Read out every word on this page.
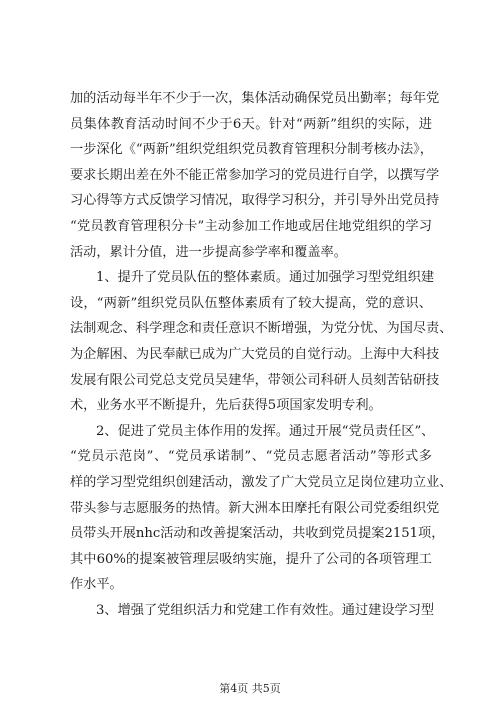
加的活动每半年不少于一次，集体活动确保党员出勤率；每年党
员集体教育活动时间不少于6天。针对“两新”组织的实际，进
一步深化《“两新”组织党组织党员教育管理积分制考核办法》，
要求长期出差在外不能正常参加学习的党员进行自学，以撰写学
习心得等方式反馈学习情况，取得学习积分，并引导外出党员持
“党员教育管理积分卡”主动参加工作地或居住地党组织的学习
活动，累计分值，进一步提高参学率和覆盖率。
1、提升了党员队伍的整体素质。通过加强学习型党组织建
设，“两新”组织党员队伍整体素质有了较大提高，党的意识、
法制观念、科学理念和责任意识不断增强，为党分忧、为国尽责、
为企解困、为民奉献已成为广大党员的自觉行动。上海中大科技
发展有限公司党总支党员吴建华，带领公司科研人员刻苦钻研技
术，业务水平不断提升，先后获得5项国家发明专利。
2、促进了党员主体作用的发挥。通过开展“党员责任区”、
“党员示范岗”、“党员承诺制”、“党员志愿者活动”等形式多
样的学习型党组织创建活动，激发了广大党员立足岗位建功立业、
带头参与志愿服务的热情。新大洲本田摩托有限公司党委组织党
员带头开展nhc活动和改善提案活动，共收到党员提案2151项，
其中60%的提案被管理层吸纳实施，提升了公司的各项管理工
作水平。
3、增强了党组织活力和党建工作有效性。通过建设学习型
第4页 共5页
